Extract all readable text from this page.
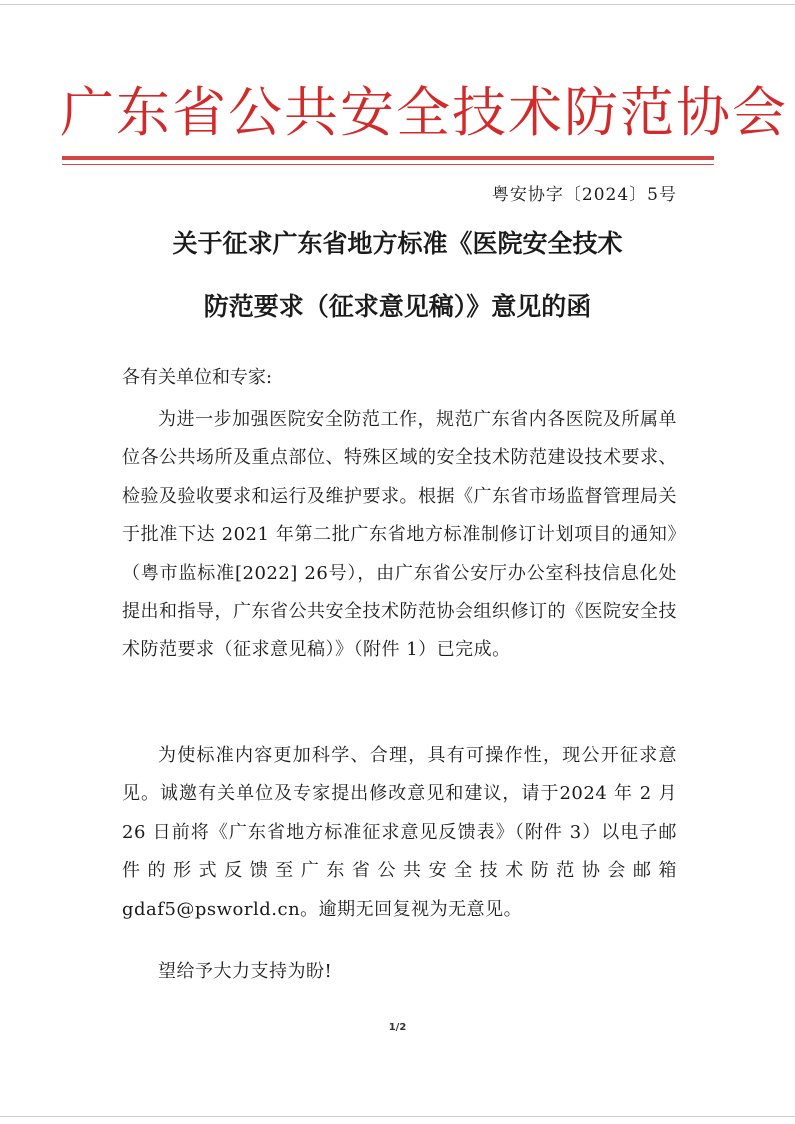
广东省公共安全技术防范协会
粤安协字〔2024〕5号
关于征求广东省地方标准《医院安全技术
防范要求（征求意见稿）》意见的函
各有关单位和专家:
为进一步加强医院安全防范工作，规范广东省内各医院及所属单位各公共场所及重点部位、特殊区域的安全技术防范建设技术要求、检验及验收要求和运行及维护要求。根据《广东省市场监督管理局关于批准下达 2021 年第二批广东省地方标准制修订计划项目的通知》（粤市监标准[2022] 26号），由广东省公安厅办公室科技信息化处提出和指导，广东省公共安全技术防范协会组织修订的《医院安全技术防范要求（征求意见稿）》（附件 1）已完成。
为使标准内容更加科学、合理，具有可操作性，现公开征求意见。诚邀有关单位及专家提出修改意见和建议，请于2024 年 2 月 26 日前将《广东省地方标准征求意见反馈表》（附件 3）以电子邮件的形式反馈至广东省公共安全技术防范协会邮箱 gdaf5@psworld.cn。逾期无回复视为无意见。
望给予大力支持为盼!
1/2
